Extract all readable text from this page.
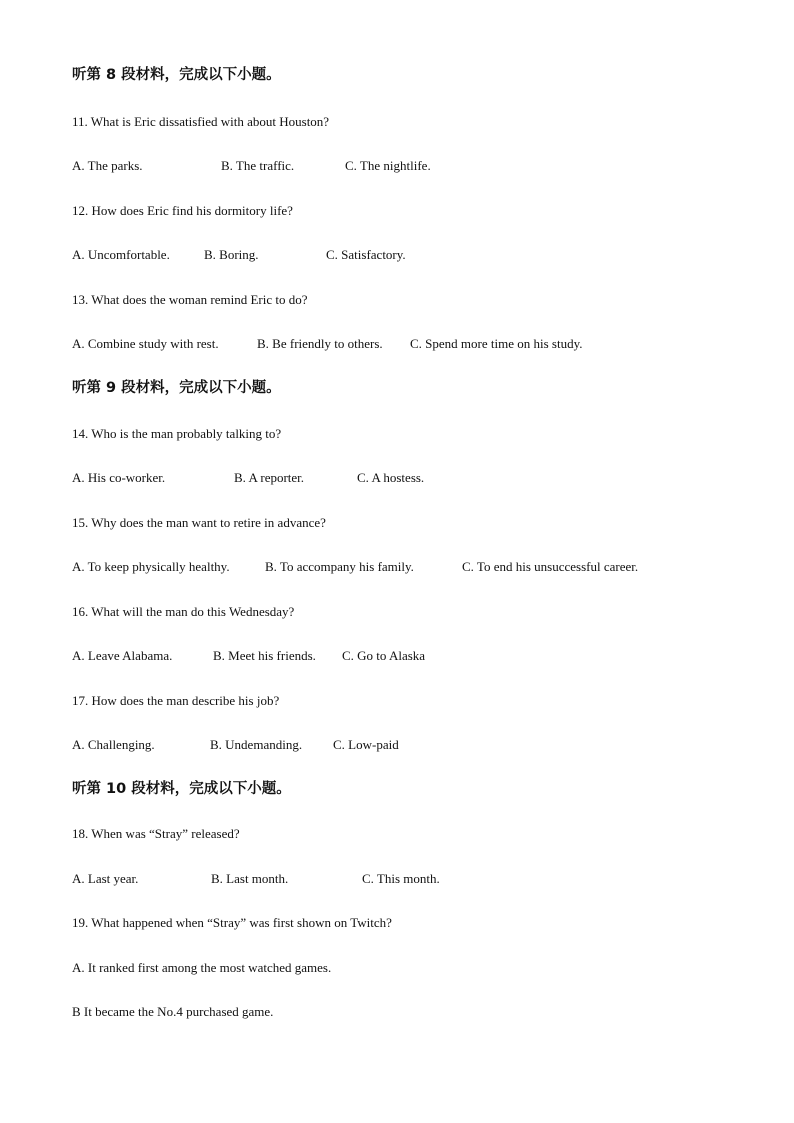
听第 8 段材料，完成以下小题。
11. What is Eric dissatisfied with about Houston?
A. The parks.	B. The traffic.	C. The nightlife.
12. How does Eric find his dormitory life?
A. Uncomfortable.	B. Boring.	C. Satisfactory.
13. What does the woman remind Eric to do?
A. Combine study with rest.	B. Be friendly to others. C. Spend more time on his study.
听第 9 段材料，完成以下小题。
14. Who is the man probably talking to?
A. His co-worker.	B. A reporter.	C. A hostess.
15. Why does the man want to retire in advance?
A. To keep physically healthy.	B. To accompany his family.	C. To end his unsuccessful career.
16. What will the man do this Wednesday?
A. Leave Alabama.	B. Meet his friends. C. Go to Alaska
17. How does the man describe his job?
A. Challenging.	B. Undemanding. C. Low-paid
听第 10 段材料，完成以下小题。
18. When was “Stray” released?
A. Last year.	B. Last month.	C. This month.
19. What happened when “Stray” was first shown on Twitch?
A. It ranked first among the most watched games.
B It became the No.4 purchased game.
